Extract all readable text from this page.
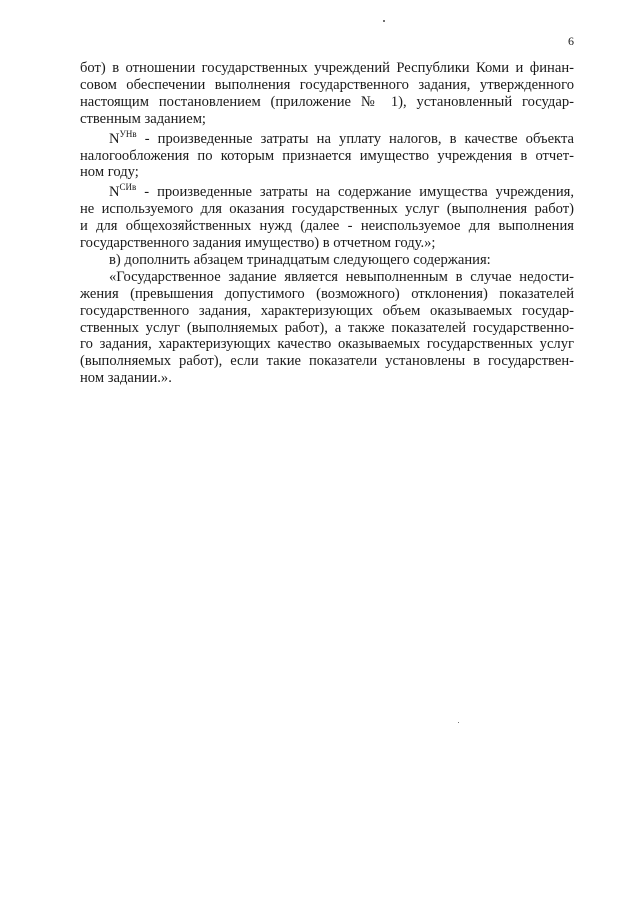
6
бот) в отношении государственных учреждений Республики Коми и финан-
совом обеспечении выполнения государственного задания, утвержденного
настоящим постановлением (приложение № 1), установленный государ-
ственным заданием;
$N^{УНв}$ - произведенные затраты на уплату налогов, в качестве объекта
налогообложения по которым признается имущество учреждения в отчет-
ном году;
$N^{СИв}$ - произведенные затраты на содержание имущества учреждения,
не используемого для оказания государственных услуг (выполнения работ)
и для общехозяйственных нужд (далее - неиспользуемое для выполнения
государственного задания имущество) в отчетном году.»;
в) дополнить абзацем тринадцатым следующего содержания:
«Государственное задание является невыполненным в случае недости-
жения (превышения допустимого (возможного) отклонения) показателей
государственного задания, характеризующих объем оказываемых государ-
ственных услуг (выполняемых работ), а также показателей государственно-
го задания, характеризующих качество оказываемых государственных услуг
(выполняемых работ), если такие показатели установлены в государствен-
ном задании.».
